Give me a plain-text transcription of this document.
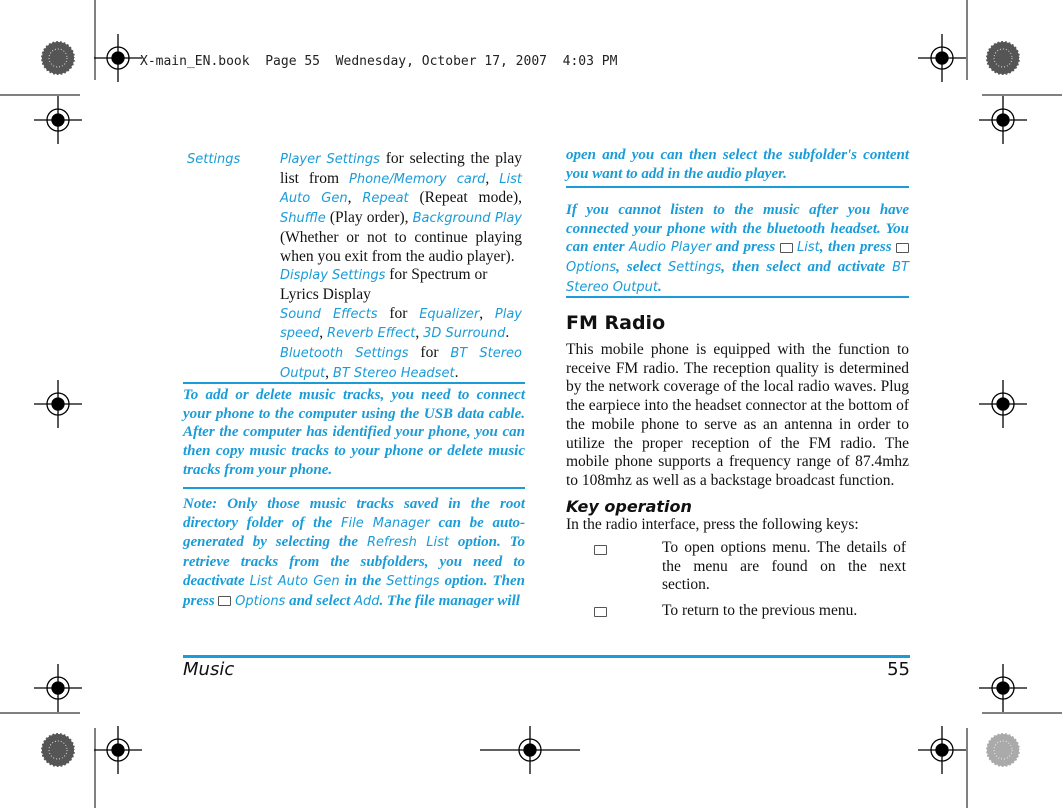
X-main_EN.book  Page 55  Wednesday, October 17, 2007  4:03 PM
Settings	Player Settings for selecting the play list from Phone/Memory card, List Auto Gen, Repeat (Repeat mode), Shuffle (Play order), Background Play (Whether or not to continue playing when you exit from the audio player).
Display Settings for Spectrum or Lyrics Display
Sound Effects for Equalizer, Play speed, Reverb Effect, 3D Surround.
Bluetooth Settings for BT Stereo Output, BT Stereo Headset.
To add or delete music tracks, you need to connect your phone to the computer using the USB data cable. After the computer has identified your phone, you can then copy music tracks to your phone or delete music tracks from your phone.
Note: Only those music tracks saved in the root directory folder of the File Manager can be auto-generated by selecting the Refresh List option. To retrieve tracks from the subfolders, you need to deactivate List Auto Gen in the Settings option. Then press  Options and select Add. The file manager will
open and you can then select the subfolder's content you want to add in the audio player.
If you cannot listen to the music after you have connected your phone with the bluetooth headset. You can enter Audio Player and press  List, then press  Options, select Settings, then select and activate BT Stereo Output.
FM Radio
This mobile phone is equipped with the function to receive FM radio. The reception quality is determined by the network coverage of the local radio waves. Plug the earpiece into the headset connector at the bottom of the mobile phone to serve as an antenna in order to utilize the proper reception of the FM radio. The mobile phone supports a frequency range of 87.4mhz to 108mhz as well as a backstage broadcast function.
Key operation
In the radio interface, press the following keys:
To open options menu. The details of the menu are found on the next section.
To return to the previous menu.
Music	55
